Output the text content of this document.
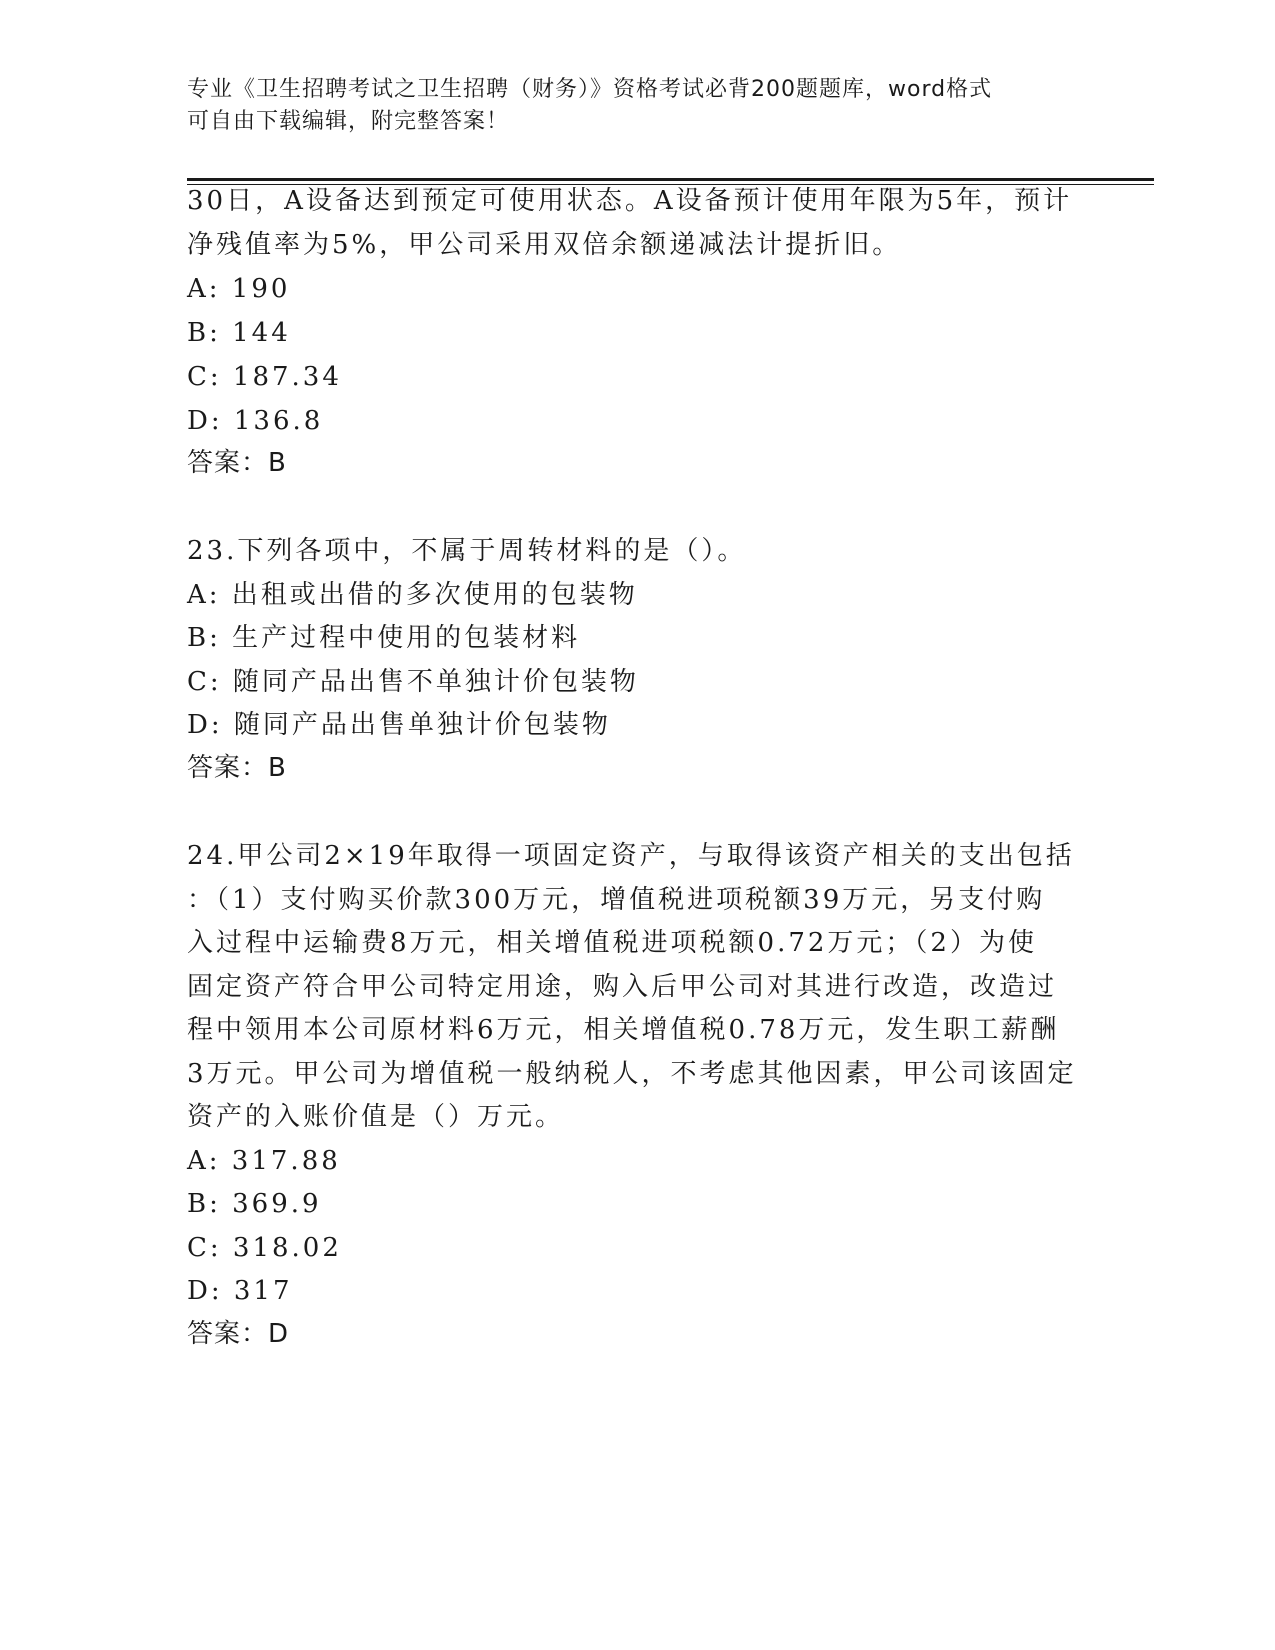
专业《卫生招聘考试之卫生招聘（财务）》资格考试必背200题题库，word格式
可自由下载编辑，附完整答案！
30日，A设备达到预定可使用状态。A设备预计使用年限为5年，预计
净残值率为5%，甲公司采用双倍余额递减法计提折旧。
A: 190
B: 144
C: 187.34
D: 136.8
答案：B
23.下列各项中，不属于周转材料的是（）。
A: 出租或出借的多次使用的包装物
B: 生产过程中使用的包装材料
C: 随同产品出售不单独计价包装物
D: 随同产品出售单独计价包装物
答案：B
24.甲公司2×19年取得一项固定资产，与取得该资产相关的支出包括
：（1）支付购买价款300万元，增值税进项税额39万元，另支付购
入过程中运输费8万元，相关增值税进项税额0.72万元；（2）为使
固定资产符合甲公司特定用途，购入后甲公司对其进行改造，改造过
程中领用本公司原材料6万元，相关增值税0.78万元，发生职工薪酬
3万元。甲公司为增值税一般纳税人，不考虑其他因素，甲公司该固定
资产的入账价值是（）万元。
A: 317.88
B: 369.9
C: 318.02
D: 317
答案：D
